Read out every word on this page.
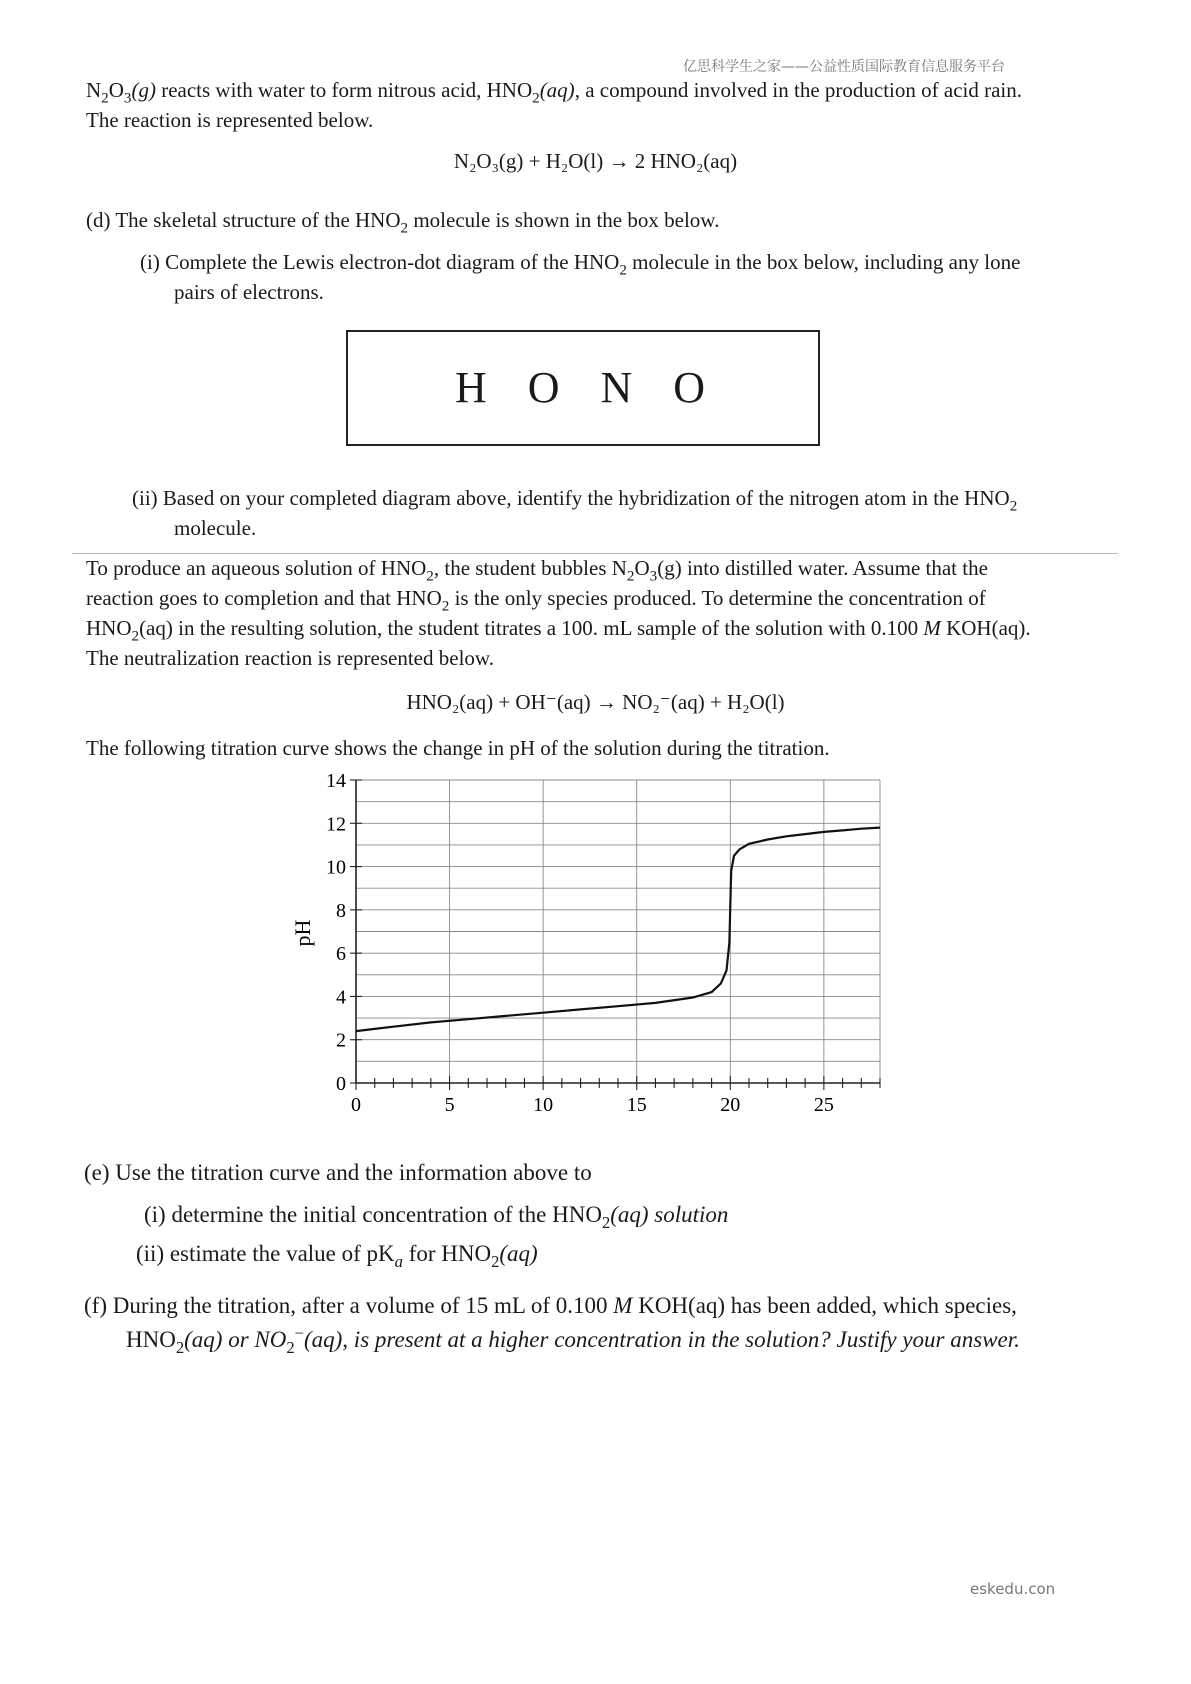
亿思科学生之家——公益性质国际教育信息服务平台
$N_2O_3(g)$ reacts with water to form nitrous acid, $HNO_2(aq)$, a compound involved in the production of acid rain.
The reaction is represented below.
N₂O₃(g) + H₂O(l) → 2 HNO₂(aq)
(d) The skeletal structure of the $HNO_2$ molecule is shown in the box below.
(i) Complete the Lewis electron-dot diagram of the $HNO_2$ molecule in the box below, including any lone
pairs of electrons.
H O N O
(ii) Based on your completed diagram above, identify the hybridization of the nitrogen atom in the $HNO_2$
molecule.
To produce an aqueous solution of $HNO_2$, the student bubbles $N_2O_3(g)$ into distilled water. Assume that the
reaction goes to completion and that $HNO_2$ is the only species produced. To determine the concentration of
$HNO_2(aq)$ in the resulting solution, the student titrates a 100. mL sample of the solution with 0.100 M KOH(aq).
The neutralization reaction is represented below.
HNO₂(aq) + OH⁻(aq) → NO₂⁻(aq) + H₂O(l)
The following titration curve shows the change in pH of the solution during the titration.
0
2
4
6
8
10
12
14
0	5	10	15	20	25
pH
(e) Use the titration curve and the information above to
(i) determine the initial concentration of the $HNO_2(aq)$ solution
(ii) estimate the value of $pK_a$ for $HNO_2(aq)$
(f) During the titration, after a volume of 15 mL of 0.100 M KOH(aq) has been added, which species,
$HNO_2(aq)$ or $NO_2^-(aq)$, is present at a higher concentration in the solution? Justify your answer.
eskedu.con
